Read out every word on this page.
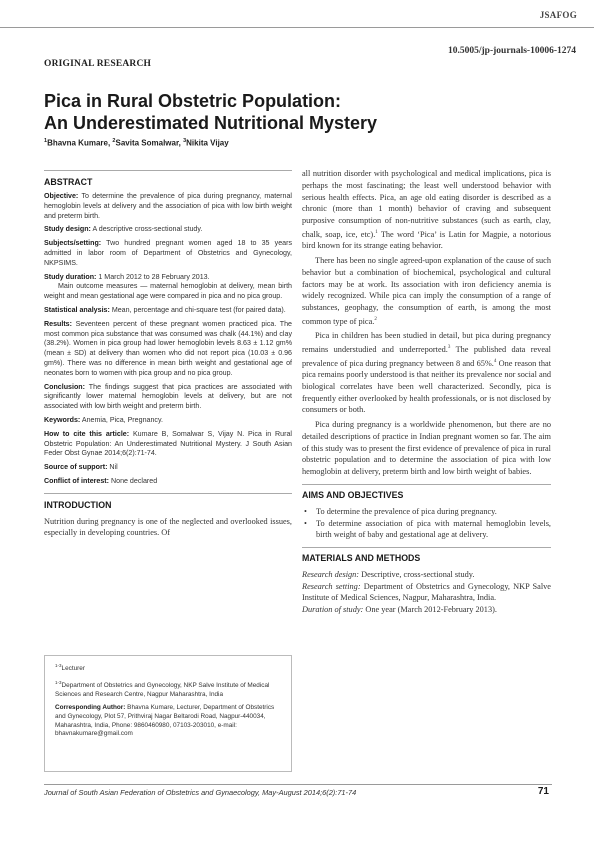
JSAFOG
10.5005/jp-journals-10006-1274
ORIGINAL RESEARCH
Pica in Rural Obstetric Population:
An Underestimated Nutritional Mystery
$^1$Bhavna Kumare, $^2$Savita Somalwar, $^3$Nikita Vijay
ABSTRACT

Objective: To determine the prevalence of pica during pregnancy, maternal hemoglobin levels at delivery and the association of pica with low birth weight and preterm birth.

Study design: A descriptive cross-sectional study.

Subjects/setting: Two hundred pregnant women aged 18 to 35 years admitted in labor room of Department of Obstetrics and Gynecology, NKPSIMS.

Study duration: 1 March 2012 to 28 February 2013.

Main outcome measures — maternal hemoglobin at delivery, mean birth weight and mean gestational age were compared in pica and no pica group.

Statistical analysis: Mean, percentage and chi-square test (for paired data).

Results: Seventeen percent of these pregnant women practiced pica. The most common pica substance that was consumed was chalk (44.1%) and clay (38.2%). Women in pica group had lower hemoglobin levels 8.63 ± 1.12 gm% (mean ± SD) at delivery than women who did not report pica (10.03 ± 0.96 gm%). There was no difference in mean birth weight and gestational age of neonates born to women with pica group and no pica group.

Conclusion: The findings suggest that pica practices are associated with significantly lower maternal hemoglobin levels at delivery, but are not associated with low birth weight and preterm birth.

Keywords: Anemia, Pica, Pregnancy.

How to cite this article: Kumare B, Somalwar S, Vijay N. Pica in Rural Obstetric Population: An Underestimated Nutritional Mystery. J South Asian Feder Obst Gynae 2014;6(2):71-74.

Source of support: Nil

Conflict of interest: None declared

INTRODUCTION

Nutrition during pregnancy is one of the neglected and overlooked issues, especially in developing countries. Of

$^{1-3}$Lecturer

$^{1-3}$Department of Obstetrics and Gynecology, NKP Salve Institute of Medical Sciences and Research Centre, Nagpur Maharashtra, India

Corresponding Author: Bhavna Kumare, Lecturer, Department of Obstetrics and Gynecology, Plot 57, Prithviraj Nagar Beltarodi Road, Nagpur-440034, Maharashtra, India, Phone: 9860460980, 07103-203010, e-mail: bhavnakumare@gmail.com

all nutrition disorder with psychological and medical implications, pica is perhaps the most fascinating; the least well understood behavior with serious health effects. Pica, an age old eating disorder is described as a chronic (more than 1 month) behavior of craving and subsequent purposive consumption of non-nutritive substances (such as earth, clay, chalk, soap, ice, etc).$^1$ The word ‘Pica’ is Latin for Magpie, a notorious bird known for its strange eating behavior.

There has been no single agreed-upon explanation of the cause of such behavior but a combination of biochemical, psychological and cultural factors may be at work. Its association with iron deficiency anemia is widely recognized. While pica can imply the consumption of a range of substances, geophagy, the consumption of earth, is among the most common type of pica.$^2$

Pica in children has been studied in detail, but pica during pregnancy remains understudied and underreported.$^3$ The published data reveal prevalence of pica during pregnancy between 8 and 65%.$^4$ One reason that pica remains poorly understood is that neither its prevalence nor social and biological correlates have been well characterized. Secondly, pica is frequently either overlooked by health professionals, or is not disclosed by consumers or both.

Pica during pregnancy is a worldwide phenomenon, but there are no detailed descriptions of practice in Indian pregnant women so far. The aim of this study was to present the first evidence of prevalence of pica in rural obstetric population and to determine the association of pica with low hemoglobin at delivery, preterm birth and low birth weight of babies.

AIMS AND OBJECTIVES
• To determine the prevalence of pica during pregnancy.
• To determine association of pica with maternal hemoglobin levels, birth weight of baby and gestational age at delivery.
MATERIALS AND METHODS

Research design: Descriptive, cross-sectional study.

Research setting: Department of Obstetrics and Gynecology, NKP Salve Institute of Medical Sciences, Nagpur, Maharashtra, India.

Duration of study: One year (March 2012-February 2013).

Journal of South Asian Federation of Obstetrics and Gynaecology, May-August 2014;6(2):71-74	71
